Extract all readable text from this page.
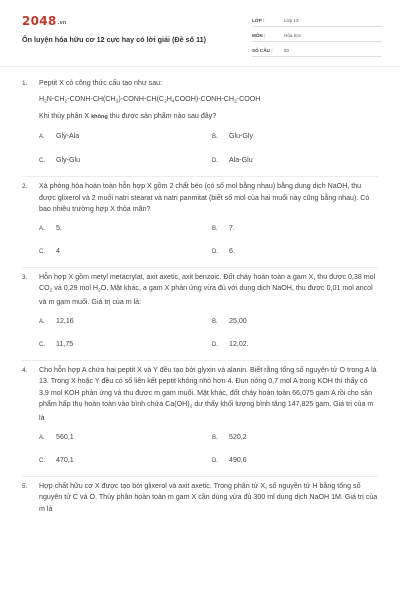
2048.vn
Ôn luyện hóa hữu cơ 12 cực hay có lời giải (Đề số 11)
LỚP :	Lớp 12
MÔN :	Hóa học
SỐ CÂU :	50
1.	Peptit X có công thức cấu tạo như sau:
$H_2N-CH_2-CONH-CH(CH_3)-CONH-CH(C_2H_4COOH)-CONH-CH_2$-COOH
Khi thủy phân X không thu được sản phẩm nào sau đây?
A. Gly-Ala	B. Glu-Gly
C. Gly-Glu	D. Ala-Glu
2.	Xà phòng hóa hoàn toàn hỗn hợp X gồm 2 chất béo (có số mol bằng nhau) bằng dung dịch NaOH, thu được glixerol và 2 muối natri stearat và natri panmitat (biết số mol của hai muối này cũng bằng nhau). Có bao nhiêu trường hợp X thỏa mãn?
A. 5.	B. 7.
C. 4	D. 6.
3.	Hỗn hợp X gồm metyl metacrylat, axit axetic, axit benzoic. Đốt cháy hoàn toàn a gam X, thu được 0,38 mol $CO_2$ và 0,29 mol $H_2O$. Mặt khác, a gam X phản ứng vừa đủ với dung dịch NaOH, thu được 0,01 mol ancol và m gam muối. Giá trị của m là:
A. 12,16	B. 25,00
C. 11,75	D. 12,02.
4.	Cho hỗn hợp A chứa hai peptit X và Y đều tạo bởi glyxin và alanin. Biết rằng tổng số nguyên tử O trong A là 13. Trong X hoặc Y đều có số liên kết peptit không nhỏ hơn 4. Đun nóng 0,7 mol A trong KOH thì thấy có 3,9 mol KOH phản ứng và thu được m gam muối. Mặt khác, đốt cháy hoàn toàn 66,075 gam A rồi cho sản phẩm hấp thụ hoàn toàn vào bình chứa $Ca(OH)_2$ dư thấy khối lượng bình tăng 147,825 gam. Giá trị của m là
A. 560,1	B. 520,2
C. 470,1	D. 490,6
5.	Hợp chất hữu cơ X được tạo bởi glixerol và axit axetic. Trong phân tử X, số nguyên tử H bằng tổng số nguyên tử C và O. Thủy phân hoàn toàn m gam X cần dùng vừa đủ 300 ml dung dịch NaOH 1M. Giá trị của m là
